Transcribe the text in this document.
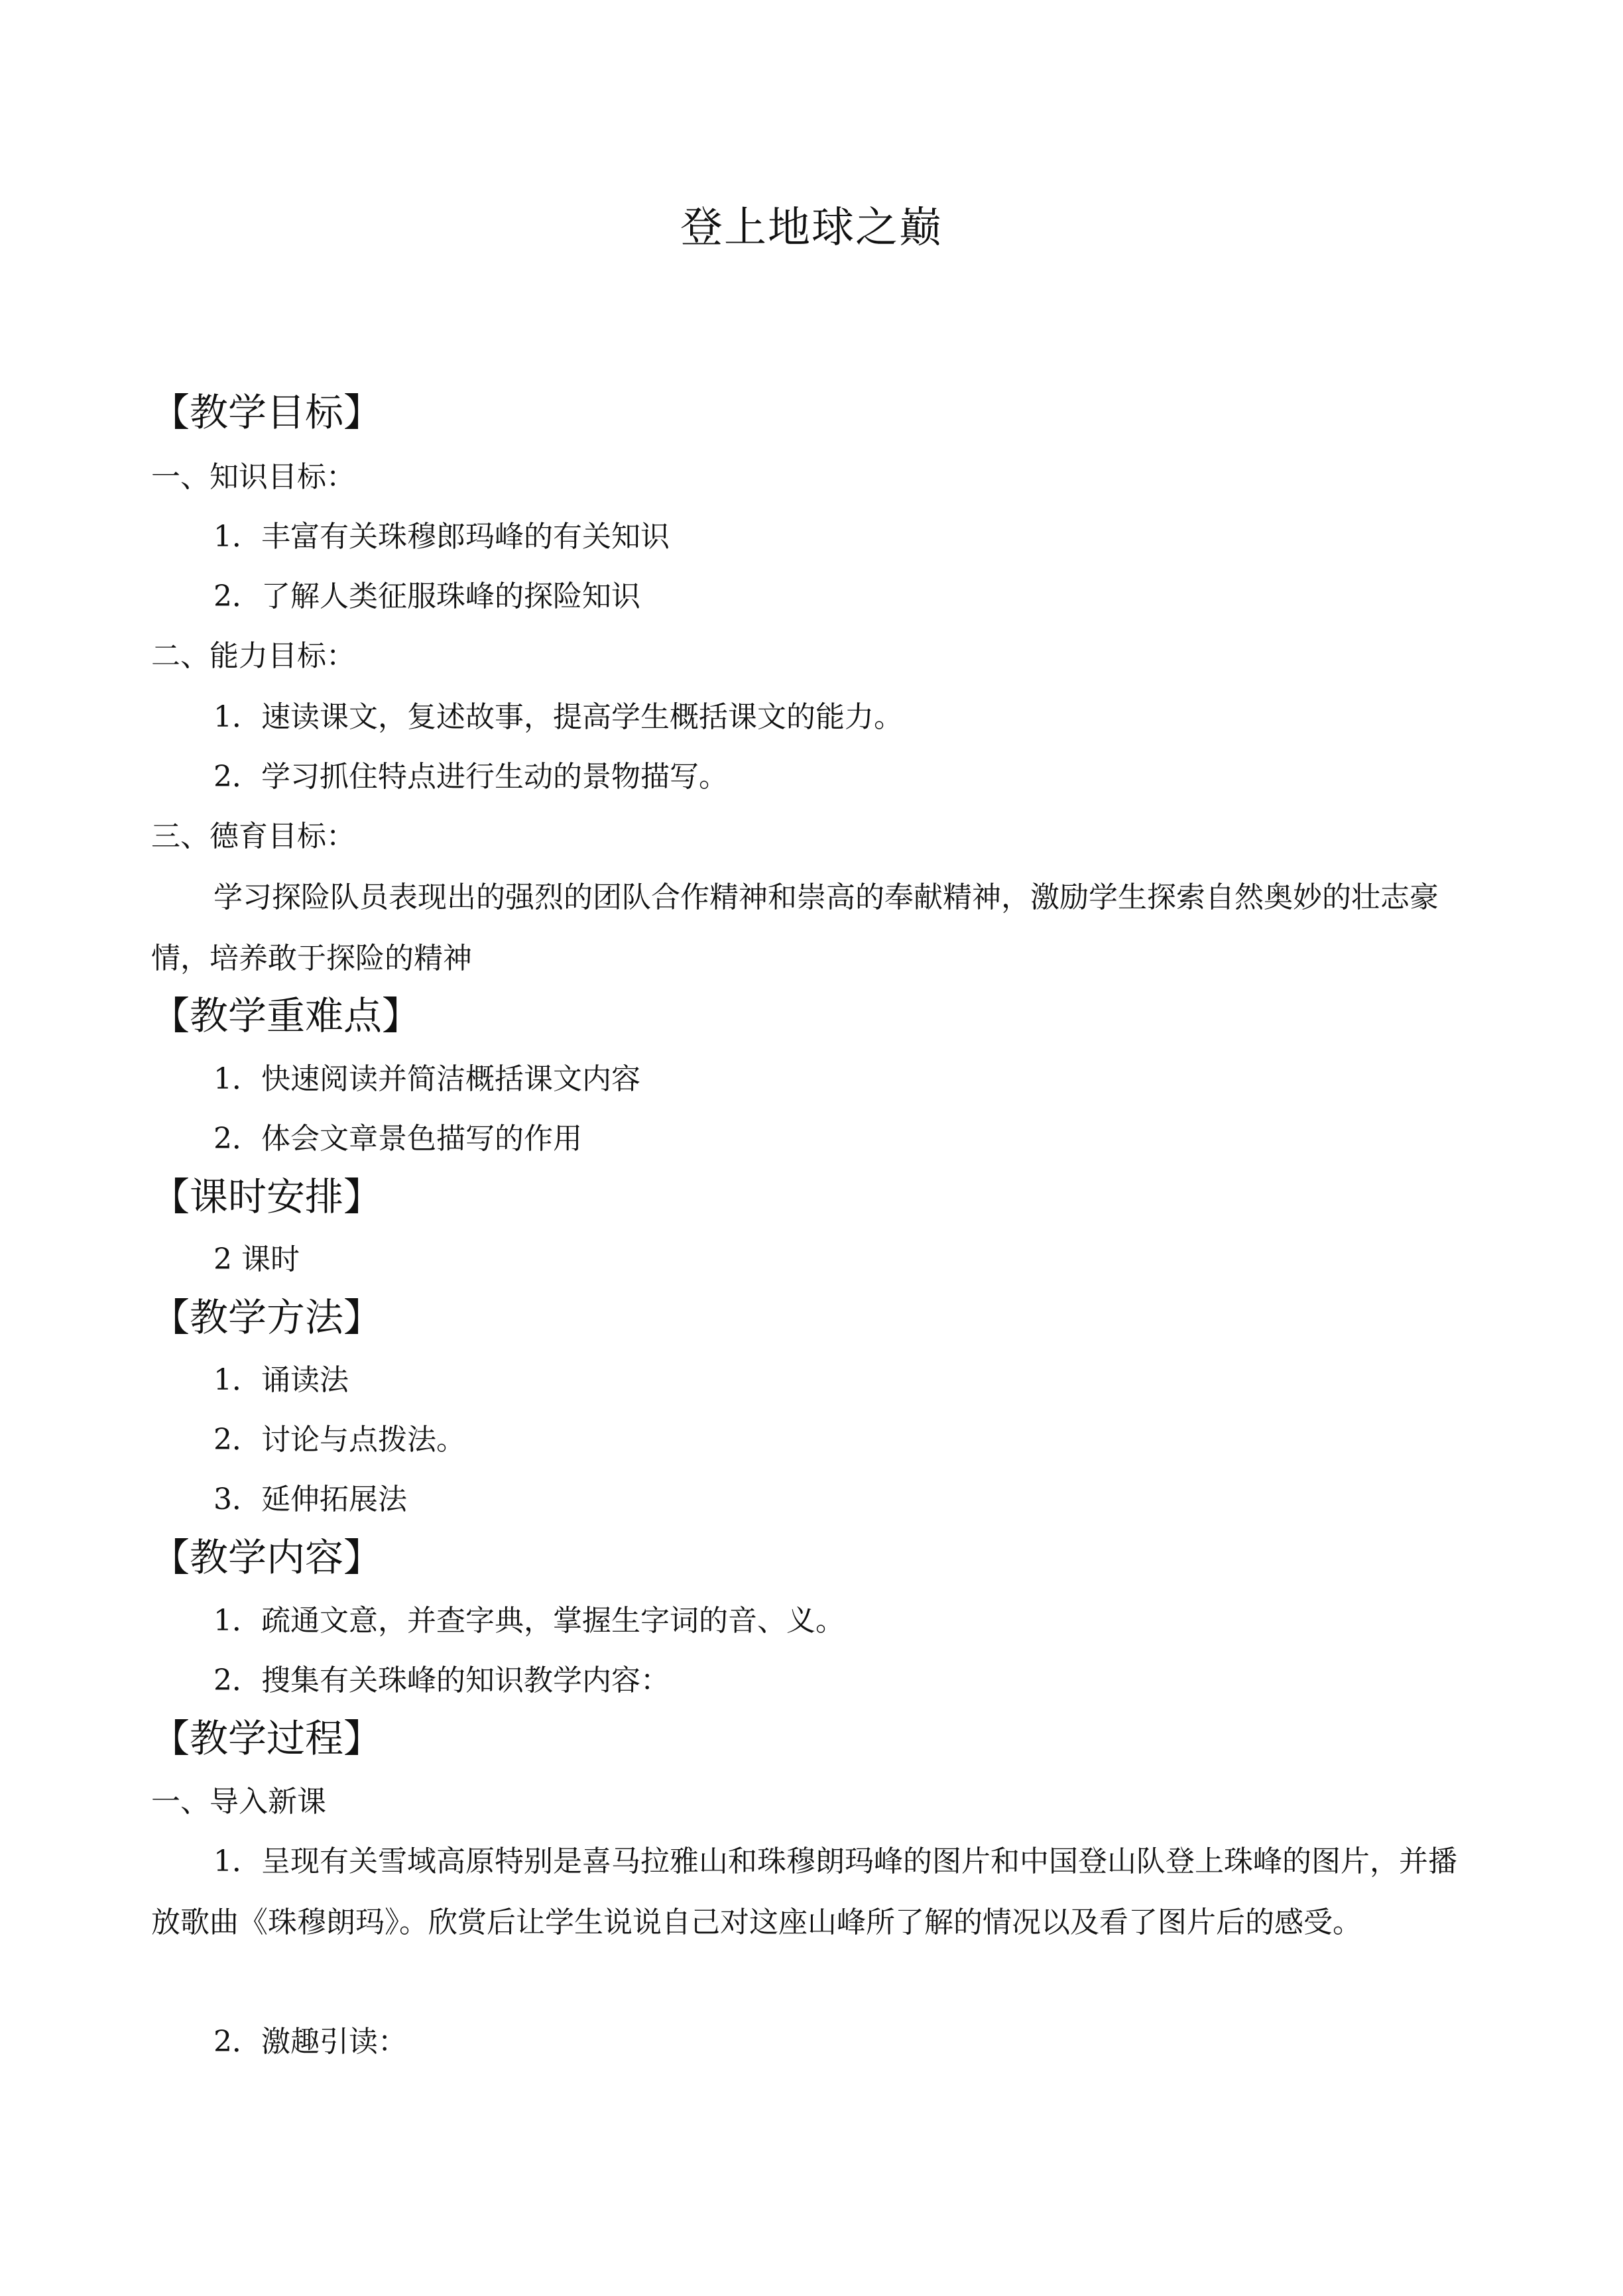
登上地球之巅
【教学目标】
一、知识目标：
1．丰富有关珠穆郎玛峰的有关知识
2．了解人类征服珠峰的探险知识
二、能力目标：
1．速读课文，复述故事，提高学生概括课文的能力。
2．学习抓住特点进行生动的景物描写。
三、德育目标：
学习探险队员表现出的强烈的团队合作精神和崇高的奉献精神，激励学生探索自然奥妙的壮志豪情，培养敢于探险的精神
【教学重难点】
1．快速阅读并简洁概括课文内容
2．体会文章景色描写的作用
【课时安排】
2 课时
【教学方法】
1．诵读法
2．讨论与点拨法。
3．延伸拓展法
【教学内容】
1．疏通文意，并查字典，掌握生字词的音、义。
2．搜集有关珠峰的知识教学内容：
【教学过程】
一、导入新课
1．呈现有关雪域高原特别是喜马拉雅山和珠穆朗玛峰的图片和中国登山队登上珠峰的图片，并播放歌曲《珠穆朗玛》。欣赏后让学生说说自己对这座山峰所了解的情况以及看了图片后的感受。
2．激趣引读：
